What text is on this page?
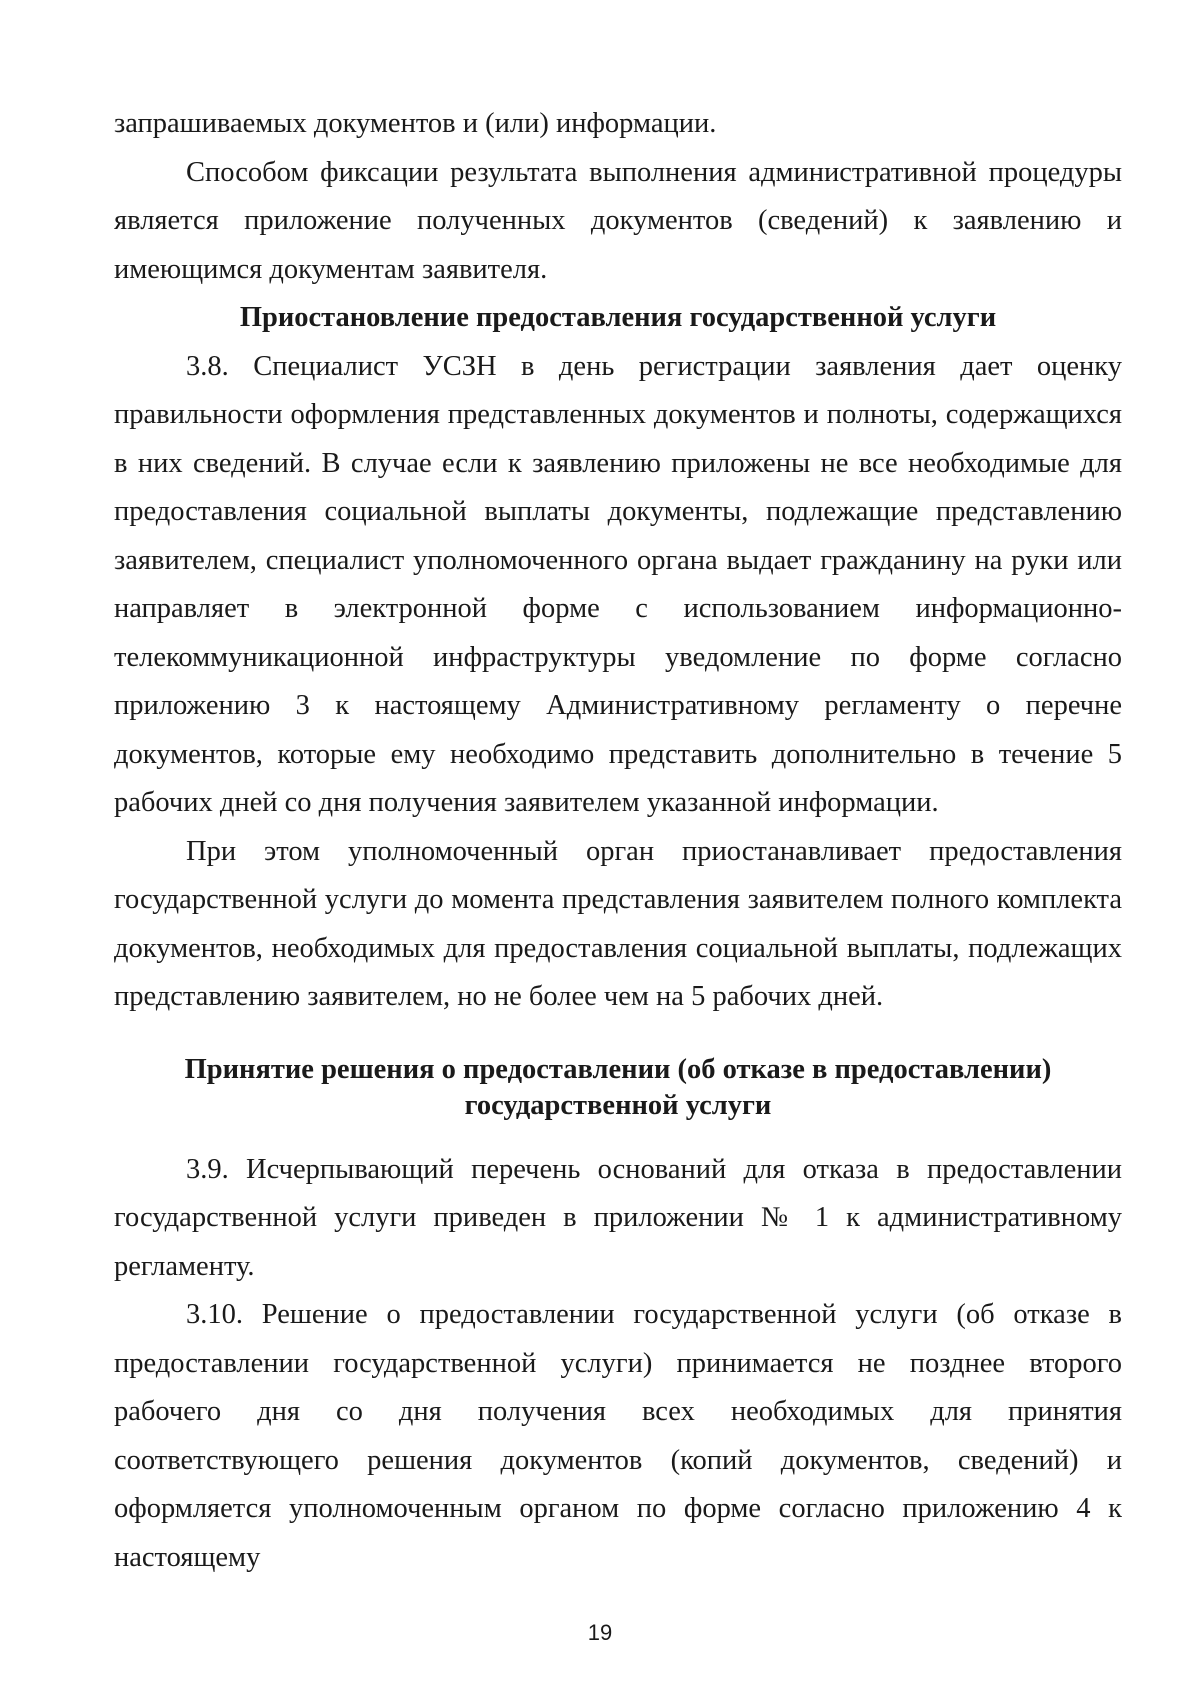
запрашиваемых документов и (или) информации.

Способом фиксации результата выполнения административной процедуры является приложение полученных документов (сведений) к заявлению и имеющимся документам заявителя.

Приостановление предоставления государственной услуги

3.8. Специалист УСЗН в день регистрации заявления дает оценку правильности оформления представленных документов и полноты, содержащихся в них сведений. В случае если к заявлению приложены не все необходимые для предоставления социальной выплаты документы, подлежащие представлению заявителем, специалист уполномоченного органа выдает гражданину на руки или направляет в электронной форме с использованием информационно-телекоммуникационной инфраструктуры уведомление по форме согласно приложению 3 к настоящему Административному регламенту о перечне документов, которые ему необходимо представить дополнительно в течение 5 рабочих дней со дня получения заявителем указанной информации.

При этом уполномоченный орган приостанавливает предоставления государственной услуги до момента представления заявителем полного комплекта документов, необходимых для предоставления социальной выплаты, подлежащих представлению заявителем, но не более чем на 5 рабочих дней.

Принятие решения о предоставлении (об отказе в предоставлении)
государственной услуги

3.9. Исчерпывающий перечень оснований для отказа в предоставлении государственной услуги приведен в приложении № 1 к административному регламенту.

3.10. Решение о предоставлении государственной услуги (об отказе в предоставлении государственной услуги) принимается не позднее второго рабочего дня со дня получения всех необходимых для принятия соответствующего решения документов (копий документов, сведений) и оформляется уполномоченным органом по форме согласно приложению 4 к настоящему

19
